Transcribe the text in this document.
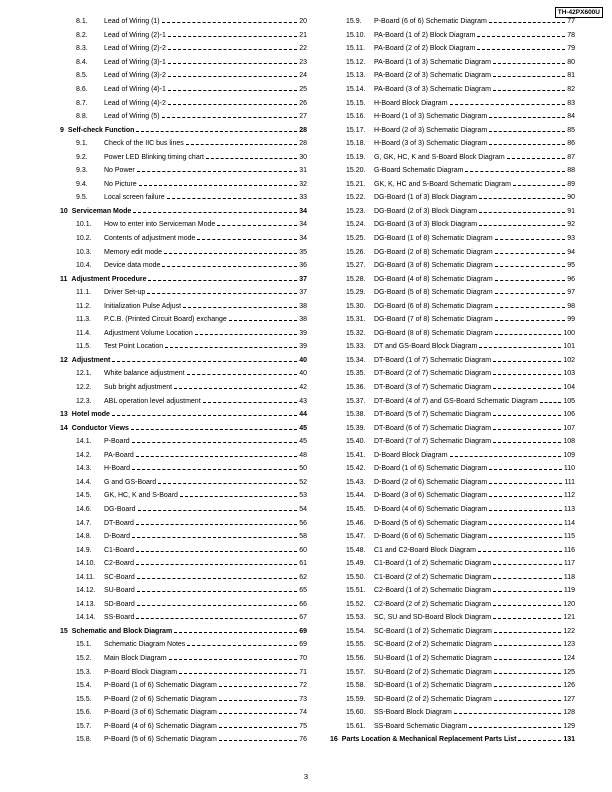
TH-42PX600U
8.1.	Lead of Wiring (1)	20
8.2.	Lead of Wiring (2)-1	21
8.3.	Lead of Wiring (2)-2	22
8.4.	Lead of Wiring (3)-1	23
8.5.	Lead of Wiring (3)-2	24
8.6.	Lead of Wiring (4)-1	25
8.7.	Lead of Wiring (4)-2	26
8.8.	Lead of Wiring (5)	27
9 Self-check Function	28
9.1.	Check of the IIC bus lines	28
9.2.	Power LED Blinking timing chart	30
9.3.	No Power	31
9.4.	No Picture	32
9.5.	Local screen failure	33
10 Serviceman Mode	34
10.1.	How to enter into Serviceman Mode	34
10.2.	Contents of adjustment mode	34
10.3.	Memory edit mode	35
10.4.	Device data mode	36
11 Adjustment Procedure	37
11.1.	Driver Set-up	37
11.2.	Initialization Pulse Adjust	38
11.3.	P.C.B. (Printed Circuit Board) exchange	38
11.4.	Adjustment Volume Location	39
11.5.	Test Point Location	39
12 Adjustment	40
12.1.	White balance adjustment	40
12.2.	Sub bright adjustment	42
12.3.	ABL operation level adjustment	43
13 Hotel mode	44
14 Conductor Views	45
14.1.	P-Board	45
14.2.	PA-Board	48
14.3.	H-Board	50
14.4.	G and GS-Board	52
14.5.	GK, HC, K and S-Board	53
14.6.	DG-Board	54
14.7.	DT-Board	56
14.8.	D-Board	58
14.9.	C1-Board	60
14.10.	C2-Board	61
14.11.	SC-Board	62
14.12.	SU-Board	65
14.13.	SD-Board	66
14.14.	SS-Board	67
15 Schematic and Block Diagram	69
15.1.	Schematic Diagram Notes	69
15.2.	Main Block Diagram	70
15.3.	P-Board Block Diagram	71
15.4.	P-Board (1 of 6) Schematic Diagram	72
15.5.	P-Board (2 of 6) Schematic Diagram	73
15.6.	P-Board (3 of 6) Schematic Diagram	74
15.7.	P-Board (4 of 6) Schematic Diagram	75
15.8.	P-Board (5 of 6) Schematic Diagram	76
15.9.	P-Board (6 of 6) Schematic Diagram	77
15.10.	PA-Board (1 of 2) Block Diagram	78
15.11.	PA-Board (2 of 2) Block Diagram	79
15.12.	PA-Board (1 of 3) Schematic Diagram	80
15.13.	PA-Board (2 of 3) Schematic Diagram	81
15.14.	PA-Board (3 of 3) Schematic Diagram	82
15.15.	H-Board Block Diagram	83
15.16.	H-Board (1 of 3) Schematic Diagram	84
15.17.	H-Board (2 of 3) Schematic Diagram	85
15.18.	H-Board (3 of 3) Schematic Diagram	86
15.19.	G, GK, HC, K and S-Board Block Diagram	87
15.20.	G-Board Schematic Diagram	88
15.21.	GK, K, HC and S-Board Schematic Diagram	89
15.22.	DG-Board (1 of 3) Block Diagram	90
15.23.	DG-Board (2 of 3) Block Diagram	91
15.24.	DG-Board (3 of 3) Block Diagram	92
15.25.	DG-Board (1 of 8) Schematic Diagram	93
15.26.	DG-Board (2 of 8) Schematic Diagram	94
15.27.	DG-Board (3 of 8) Schematic Diagram	95
15.28.	DG-Board (4 of 8) Schematic Diagram	96
15.29.	DG-Board (5 of 8) Schematic Diagram	97
15.30.	DG-Board (6 of 8) Schematic Diagram	98
15.31.	DG-Board (7 of 8) Schematic Diagram	99
15.32.	DG-Board (8 of 8) Schematic Diagram	100
15.33.	DT and GS-Board Block Diagram	101
15.34.	DT-Board (1 of 7) Schematic Diagram	102
15.35.	DT-Board (2 of 7) Schematic Diagram	103
15.36.	DT-Board (3 of 7) Schematic Diagram	104
15.37.	DT-Board (4 of 7) and GS-Board Schematic Diagram	105
15.38.	DT-Board (5 of 7) Schematic Diagram	106
15.39.	DT-Board (6 of 7) Schematic Diagram	107
15.40.	DT-Board (7 of 7) Schematic Diagram	108
15.41.	D-Board Block Diagram	109
15.42.	D-Board (1 of 6) Schematic Diagram	110
15.43.	D-Board (2 of 6) Schematic Diagram	111
15.44.	D-Board (3 of 6) Schematic Diagram	112
15.45.	D-Board (4 of 6) Schematic Diagram	113
15.46.	D-Board (5 of 6) Schematic Diagram	114
15.47.	D-Board (6 of 6) Schematic Diagram	115
15.48.	C1 and C2-Board Block Diagram	116
15.49.	C1-Board (1 of 2) Schematic Diagram	117
15.50.	C1-Board (2 of 2) Schematic Diagram	118
15.51.	C2-Board (1 of 2) Schematic Diagram	119
15.52.	C2-Board (2 of 2) Schematic Diagram	120
15.53.	SC, SU and SD-Board Block Diagram	121
15.54.	SC-Board (1 of 2) Schematic Diagram	122
15.55.	SC-Board (2 of 2) Schematic Diagram	123
15.56.	SU-Board (1 of 2) Schematic Diagram	124
15.57.	SU-Board (2 of 2) Schematic Diagram	125
15.58.	SD-Board (1 of 2) Schematic Diagram	126
15.59.	SD-Board (2 of 2) Schematic Diagram	127
15.60.	SS-Board Block Diagram	128
15.61.	SS-Board Schematic Diagram	129
16 Parts Location & Mechanical Replacement Parts List	131
3
